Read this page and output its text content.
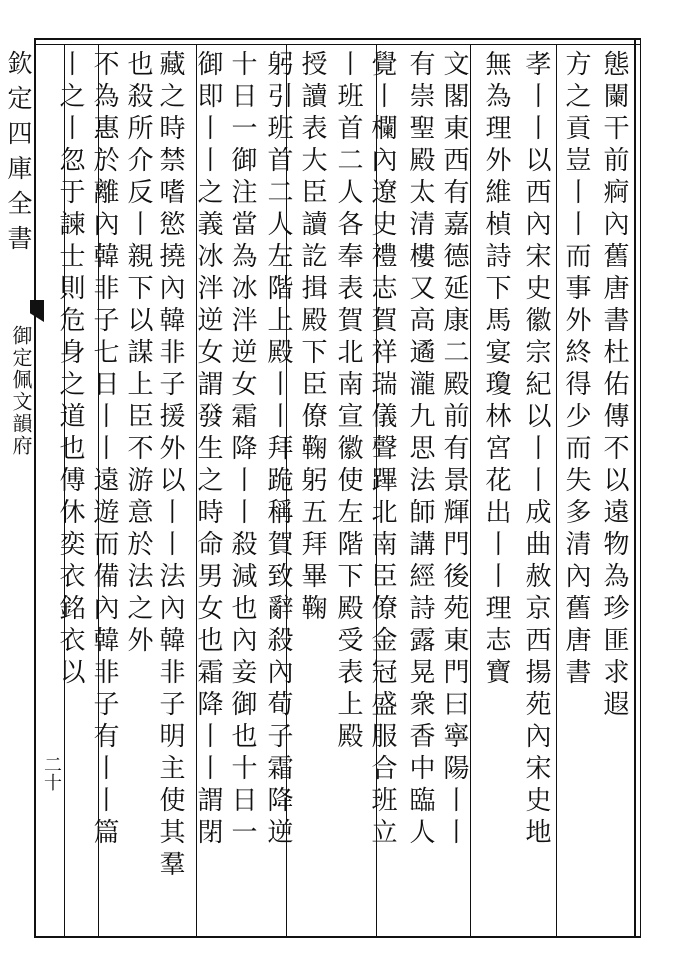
欽定四庫全書
御定佩文韻府
二十
態闌干前痾內舊唐書杜佑傳不以遠物為珍匪求遐
方之貢豈丨丨而事外終得少而失多清內舊唐書
孝丨丨以西內宋史徽宗紀以丨丨成曲赦京西揚苑內宋史地
無為理外維楨詩下馬宴瓊林宮花出丨丨理志寶
文閣東西有嘉德延康二殿前有景輝門後苑東門曰寧陽丨丨
有崇聖殿太清樓又高遹瀧九思法師講經詩露晃衆香中臨人
覺丨欄內遼史禮志賀祥瑞儀聲蹕北南臣僚金冠盛服合班立
丨班首二人各奉表賀北南宣徽使左階下殿受表上殿
授讀表大臣讀訖揖殿下臣僚鞠躬五拜畢鞠
躬引班首二人左階上殿丨丨拜跪稱賀致辭殺內荀子霜降逆
十日一御注當為冰泮逆女霜降丨丨殺減也內妾御也十日一
御即丨丨之義冰泮逆女謂發生之時命男女也霜降丨丨謂閉
藏之時禁嗜慾撓內韓非子援外以丨丨法內韓非子明主使其羣
也殺所介反丨親下以謀上臣不游意於法之外
不為惠於離內韓非子七日丨丨遠遊而備內韓非子有丨丨篇
丨之丨忽于諫士則危身之道也傅休奕衣銘衣以
